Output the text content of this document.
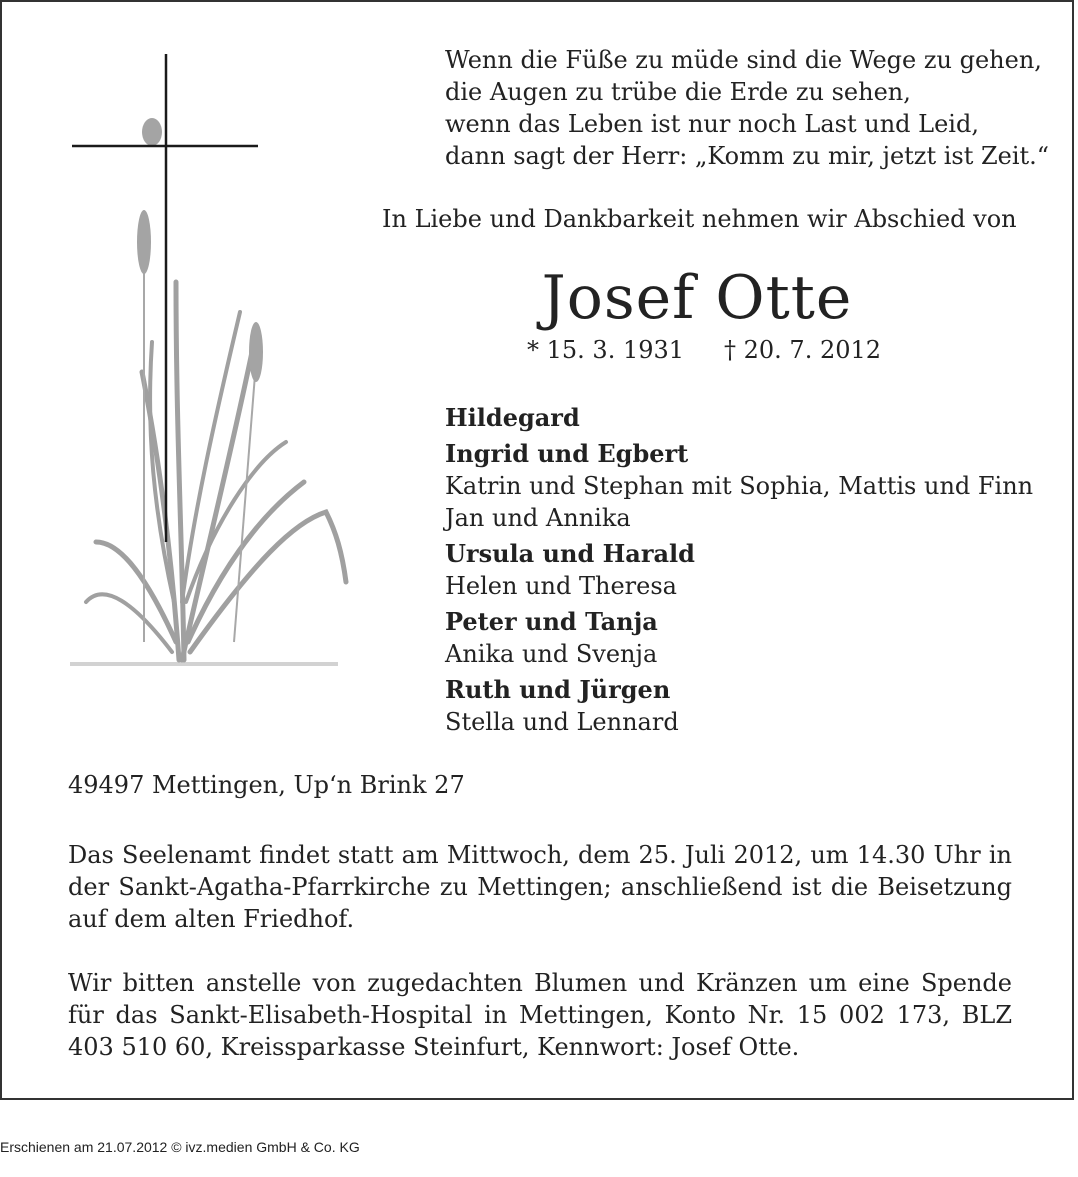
Wenn die Füße zu müde sind die Wege zu gehen,
die Augen zu trübe die Erde zu sehen,
wenn das Leben ist nur noch Last und Leid,
dann sagt der Herr: „Komm zu mir, jetzt ist Zeit.“
In Liebe und Dankbarkeit nehmen wir Abschied von
Josef Otte
* 15. 3. 1931 † 20. 7. 2012
Hildegard
Ingrid und Egbert
Katrin und Stephan mit Sophia, Mattis und Finn
Jan und Annika
Ursula und Harald
Helen und Theresa
Peter und Tanja
Anika und Svenja
Ruth und Jürgen
Stella und Lennard
49497 Mettingen, Up‘n Brink 27
Das Seelenamt findet statt am Mittwoch, dem 25. Juli 2012, um 14.30 Uhr in der Sankt-Agatha-Pfarrkirche zu Mettingen; anschließend ist die Beisetzung auf dem alten Friedhof.
Wir bitten anstelle von zugedachten Blumen und Kränzen um eine Spende für das Sankt-Elisabeth-Hospital in Mettingen, Konto Nr. 15 002 173, BLZ 403 510 60, Kreissparkasse Steinfurt, Kennwort: Josef Otte.
Erschienen am 21.07.2012 © ivz.medien GmbH & Co. KG
